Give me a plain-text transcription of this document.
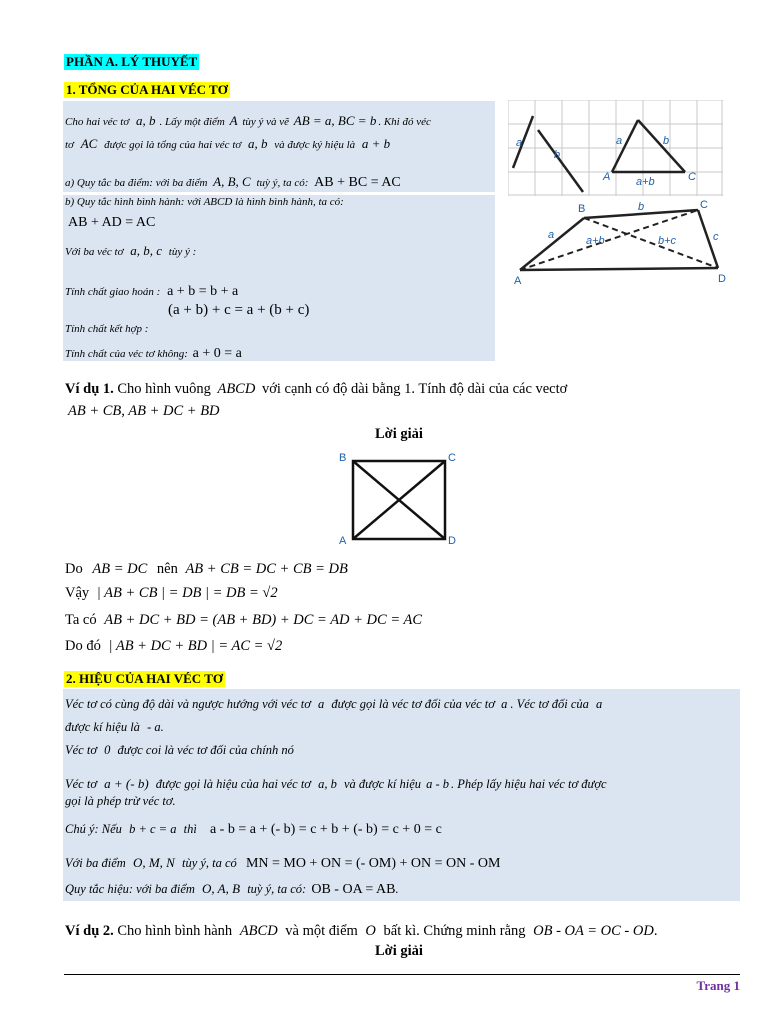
PHẦN A. LÝ THUYẾT
1. TỔNG CỦA HAI VÉC TƠ
Cho hai véc tơ a, b . Lấy một điểm A tùy ý và vẽ AB = a, BC = b . Khi đó véc
tơ AC được gọi là tổng của hai véc tơ a, b và được ký hiệu là a + b
a) Quy tắc ba điểm: với ba điểm A, B, C tuỳ ý, ta có: AB + BC = AC
b) Quy tắc hình bình hành: với ABCD là hình bình hành, ta có:
AB + AD = AC
Với ba véc tơ a, b, c tùy ý :
Tính chất giao hoán : a + b = b + a
(a + b) + c = a + (b + c)
Tính chất kết hợp :
Tính chất của véc tơ không: a + 0 = a
a
b
a	b
A a+b	C
B	b	C
a	a+b	b+c	c
A	D
Ví dụ 1. Cho hình vuông ABCD với cạnh có độ dài bằng 1. Tính độ dài của các vectơ
AB + CB, AB + DC + BD
Lời giải
B	C
A	D
Do AB = DC nên AB + CB = DC + CB = DB
Vậy | AB + CB | = DB | = DB = √2
Ta có AB + DC + BD = (AB + BD) + DC = AD + DC = AC
Do đó | AB + DC + BD | = AC = √2
2. HIỆU CỦA HAI VÉC TƠ
Véc tơ có cùng độ dài và ngược hướng với véc tơ a được gọi là véc tơ đối của véc tơ a . Véc tơ đối của a
được kí hiệu là - a.
Véc tơ 0 được coi là véc tơ đối của chính nó
Véc tơ a + (- b) được gọi là hiệu của hai véc tơ a, b và được kí hiệu a - b . Phép lấy hiệu hai véc tơ được
gọi là phép trừ véc tơ.
Chú ý: Nếu b + c = a thì a - b = a + (- b) = c + b + (- b) = c + 0 = c
Với ba điểm O, M, N tùy ý, ta có MN = MO + ON = (- OM) + ON = ON - OM
Quy tắc hiệu: với ba điểm O, A, B tuỳ ý, ta có: OB - OA = AB.
Ví dụ 2. Cho hình bình hành ABCD và một điểm O bất kì. Chứng minh rằng OB - OA = OC - OD.
Lời giải
Trang 1
